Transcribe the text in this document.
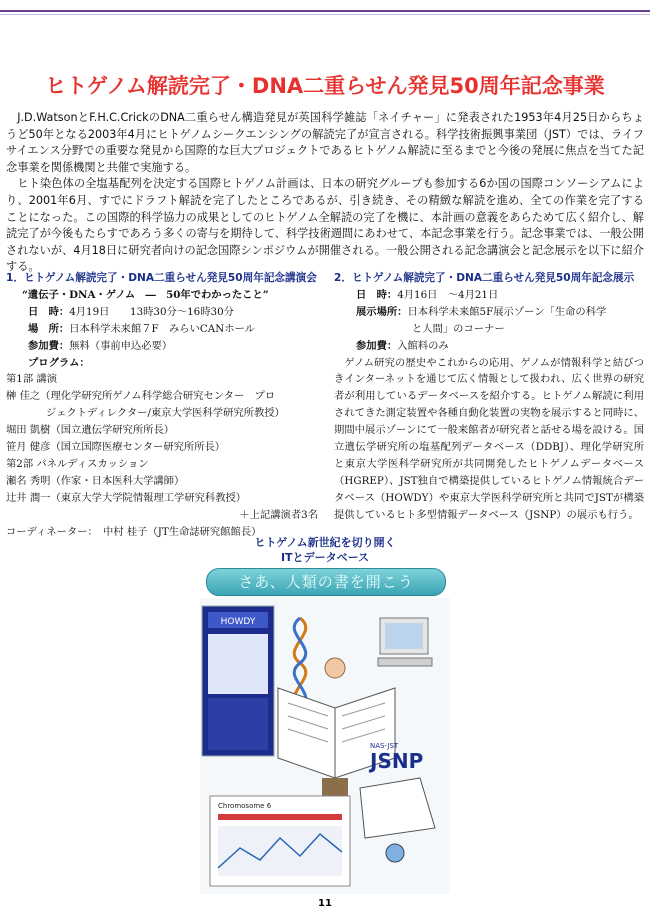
ヒトゲノム解読完了・DNA二重らせん発見50周年記念事業

J.D.WatsonとF.H.C.CrickのDNA二重らせん構造発見が英国科学雑誌「ネイチャー」に発表された1953年4月25日からちょうど50年となる2003年4月にヒトゲノムシークエンシングの解読完了が宣言される。科学技術振興事業団（JST）では、ライフサイエンス分野での重要な発見から国際的な巨大プロジェクトであるヒトゲノム解読に至るまでと今後の発展に焦点を当てた記念事業を関係機関と共催で実施する。

ヒト染色体の全塩基配列を決定する国際ヒトゲノム計画は、日本の研究グループも参加する6か国の国際コンソーシアムにより、2001年6月、すでにドラフト解読を完了したところであるが、引き続き、その精緻な解読を進め、全ての作業を完了することになった。この国際的科学協力の成果としてのヒトゲノム全解読の完了を機に、本計画の意義をあらためて広く紹介し、解読完了が今後もたらすであろう多くの寄与を期待して、科学技術週間にあわせて、本記念事業を行う。記念事業では、一般公開されないが、4月18日に研究者向けの記念国際シンポジウムが開催される。一般公開される記念講演会と記念展示を以下に紹介する。

1．ヒトゲノム解読完了・DNA二重らせん発見50周年記念講演会
“遺伝子・DNA・ゲノム　―　50年でわかったこと”
日　時：4月19日　　13時30分～16時30分
場　所：日本科学未来館７F　みらいCANホール
参加費：無料（事前申込必要）
プログラム：
第1部 講演
榊 佳之（理化学研究所ゲノム科学総合研究センター　プロ
ジェクトディレクター/東京大学医科学研究所教授）
堀田 凱樹（国立遺伝学研究所所長）
笹月 健彦（国立国際医療センター研究所所長）
第2部 パネルディスカッション
瀬名 秀明（作家・日本医科大学講師）
辻井 潤一（東京大学大学院情報理工学研究科教授）
＋上記講演者3名
コーディネーター：　中村 桂子（JT生命誌研究館館長）
2．ヒトゲノム解読完了・DNA二重らせん発見50周年記念展示
日　時：4月16日　～4月21日
展示場所：日本科学未来館5F展示ゾーン「生命の科学
と人間」のコーナー
参加費：入館料のみ
ゲノム研究の歴史やこれからの応用、ゲノムが情報科学と結びつきインターネットを通じて広く情報として扱われ、広く世界の研究者が利用しているデータベースを紹介する。ヒトゲノム解読に利用されてきた測定装置や各種自動化装置の実物を展示すると同時に、期間中展示ゾーンにて一般来館者が研究者と話せる場を設ける。国立遺伝学研究所の塩基配列データベース（DDBJ）、理化学研究所と東京大学医科学研究所が共同開発したヒトゲノムデータベース（HGREP）、JST独自で構築提供しているヒトゲノム情報統合データベース（HOWDY）や東京大学医科学研究所と共同でJSTが構築提供しているヒト多型情報データベース（JSNP）の展示も行う。
ヒトゲノム新世紀を切り開く
ITとデータベース
さあ、人類の書を開こう
HOWDY
Chromosome 6
NAS-JST
JSNP
11
